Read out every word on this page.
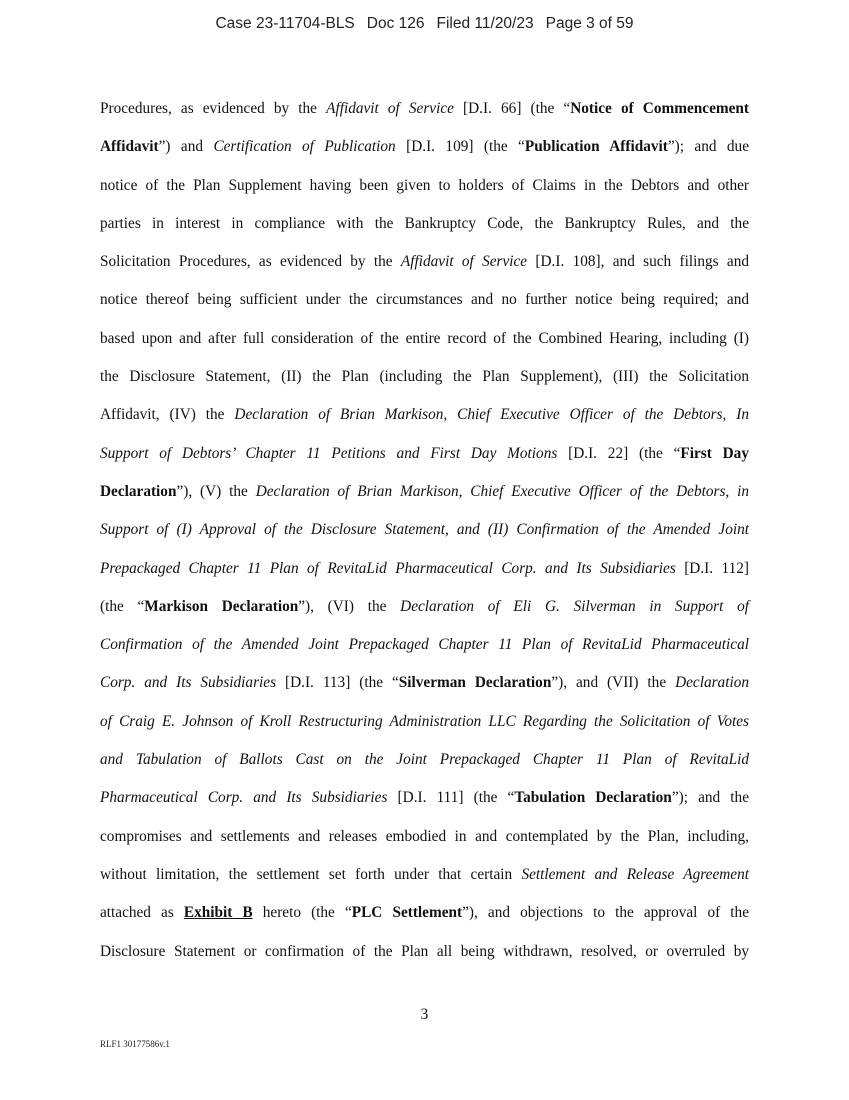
Case 23-11704-BLS Doc 126 Filed 11/20/23 Page 3 of 59
Procedures, as evidenced by the Affidavit of Service [D.I. 66] (the “Notice of Commencement
Affidavit”) and Certification of Publication [D.I. 109] (the “Publication Affidavit”); and due
notice of the Plan Supplement having been given to holders of Claims in the Debtors and other
parties in interest in compliance with the Bankruptcy Code, the Bankruptcy Rules, and the
Solicitation Procedures, as evidenced by the Affidavit of Service [D.I. 108], and such filings and
notice thereof being sufficient under the circumstances and no further notice being required; and
based upon and after full consideration of the entire record of the Combined Hearing, including (I)
the Disclosure Statement, (II) the Plan (including the Plan Supplement), (III) the Solicitation
Affidavit, (IV) the Declaration of Brian Markison, Chief Executive Officer of the Debtors, In
Support of Debtors’ Chapter 11 Petitions and First Day Motions [D.I. 22] (the “First Day
Declaration”), (V) the Declaration of Brian Markison, Chief Executive Officer of the Debtors, in
Support of (I) Approval of the Disclosure Statement, and (II) Confirmation of the Amended Joint
Prepackaged Chapter 11 Plan of RevitaLid Pharmaceutical Corp. and Its Subsidiaries [D.I. 112]
(the “Markison Declaration”), (VI) the Declaration of Eli G. Silverman in Support of
Confirmation of the Amended Joint Prepackaged Chapter 11 Plan of RevitaLid Pharmaceutical
Corp. and Its Subsidiaries [D.I. 113] (the “Silverman Declaration”), and (VII) the Declaration
of Craig E. Johnson of Kroll Restructuring Administration LLC Regarding the Solicitation of Votes
and Tabulation of Ballots Cast on the Joint Prepackaged Chapter 11 Plan of RevitaLid
Pharmaceutical Corp. and Its Subsidiaries [D.I. 111] (the “Tabulation Declaration”); and the
compromises and settlements and releases embodied in and contemplated by the Plan, including,
without limitation, the settlement set forth under that certain Settlement and Release Agreement
attached as Exhibit B hereto (the “PLC Settlement”), and objections to the approval of the
Disclosure Statement or confirmation of the Plan all being withdrawn, resolved, or overruled by
3
RLF1 30177586v.1
